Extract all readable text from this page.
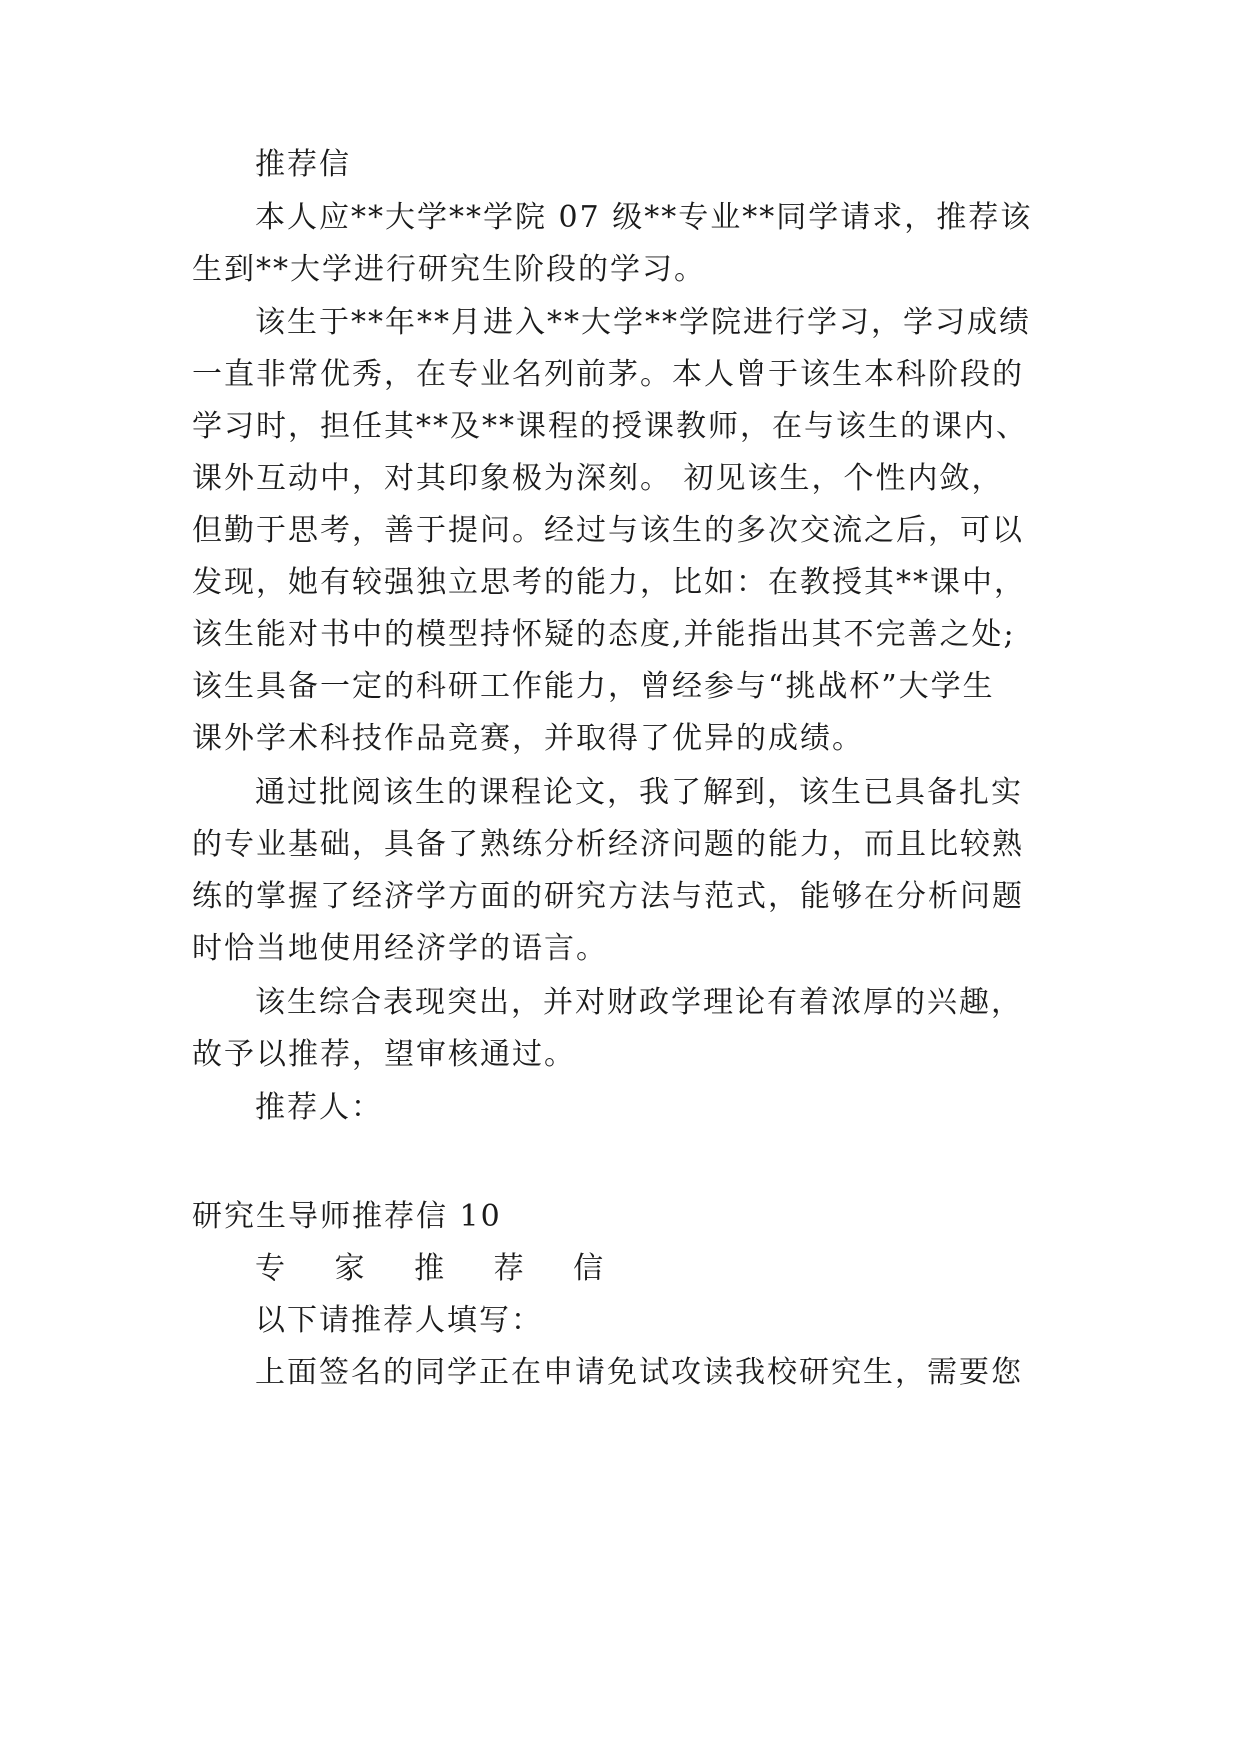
推荐信
本人应**大学**学院 07 级**专业**同学请求，推荐该
生到**大学进行研究生阶段的学习。
该生于**年**月进入**大学**学院进行学习，学习成绩
一直非常优秀，在专业名列前茅。本人曾于该生本科阶段的
学习时，担任其**及**课程的授课教师，在与该生的课内、
课外互动中，对其印象极为深刻。 初见该生，个性内敛，
但勤于思考，善于提问。经过与该生的多次交流之后，可以
发现，她有较强独立思考的能力，比如：在教授其**课中，
该生能对书中的模型持怀疑的态度,并能指出其不完善之处;
该生具备一定的科研工作能力，曾经参与“挑战杯”大学生
课外学术科技作品竞赛，并取得了优异的成绩。
通过批阅该生的课程论文，我了解到，该生已具备扎实
的专业基础，具备了熟练分析经济问题的能力，而且比较熟
练的掌握了经济学方面的研究方法与范式，能够在分析问题
时恰当地使用经济学的语言。
该生综合表现突出，并对财政学理论有着浓厚的兴趣，
故予以推荐，望审核通过。
推荐人：
研究生导师推荐信 10
专 家 推 荐 信
以下请推荐人填写：
上面签名的同学正在申请免试攻读我校研究生，需要您
